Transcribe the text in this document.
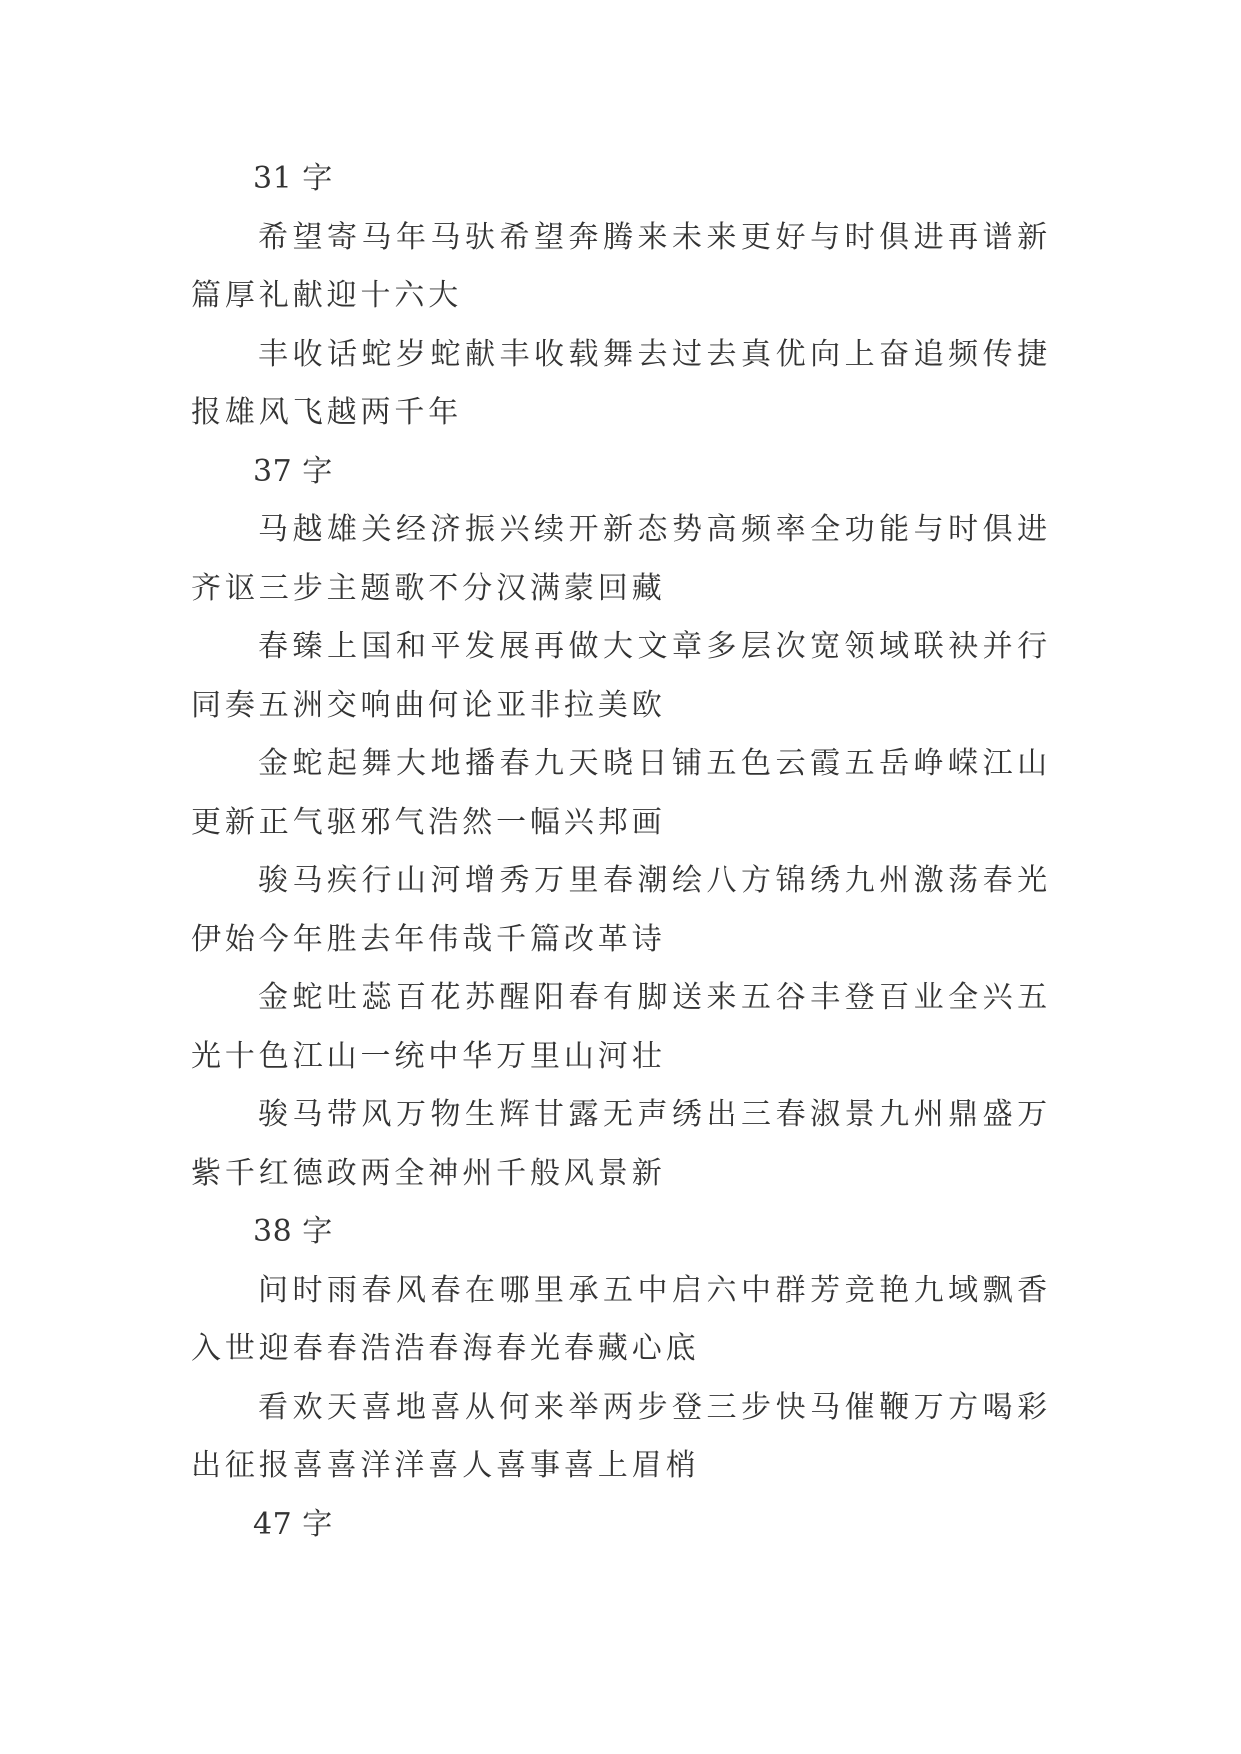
31 字

希望寄马年马驮希望奔腾来未来更好与时俱进再谱新篇厚礼献迎十六大

丰收话蛇岁蛇献丰收载舞去过去真优向上奋追频传捷报雄风飞越两千年

37 字

马越雄关经济振兴续开新态势高频率全功能与时俱进齐讴三步主题歌不分汉满蒙回藏

春臻上国和平发展再做大文章多层次宽领域联袂并行同奏五洲交响曲何论亚非拉美欧

金蛇起舞大地播春九天晓日铺五色云霞五岳峥嵘江山更新正气驱邪气浩然一幅兴邦画

骏马疾行山河增秀万里春潮绘八方锦绣九州激荡春光伊始今年胜去年伟哉千篇改革诗

金蛇吐蕊百花苏醒阳春有脚送来五谷丰登百业全兴五光十色江山一统中华万里山河壮

骏马带风万物生辉甘露无声绣出三春淑景九州鼎盛万紫千红德政两全神州千般风景新

38 字

问时雨春风春在哪里承五中启六中群芳竞艳九域飘香入世迎春春浩浩春海春光春藏心底

看欢天喜地喜从何来举两步登三步快马催鞭万方喝彩出征报喜喜洋洋喜人喜事喜上眉梢

47 字
